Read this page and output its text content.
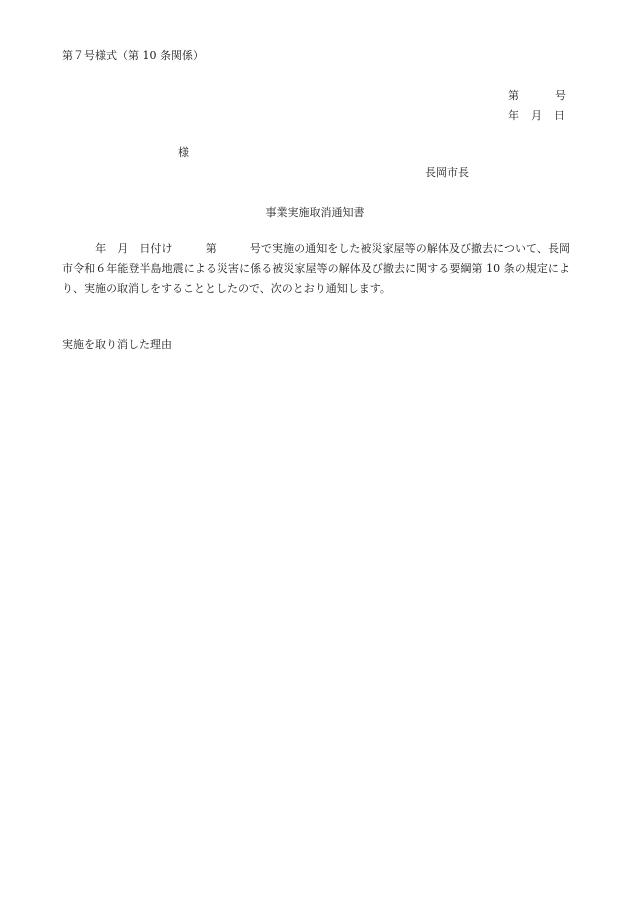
第７号様式（第 10 条関係）
第	号
年 月 日
様
長岡市長
事業実施取消通知書
　　　年　月　日付け　　　第　　　号で実施の通知をした被災家屋等の解体及び撤去について、長岡市令和６年能登半島地震による災害に係る被災家屋等の解体及び撤去に関する要綱第 10 条の規定により、実施の取消しをすることとしたので、次のとおり通知します。
実施を取り消した理由
